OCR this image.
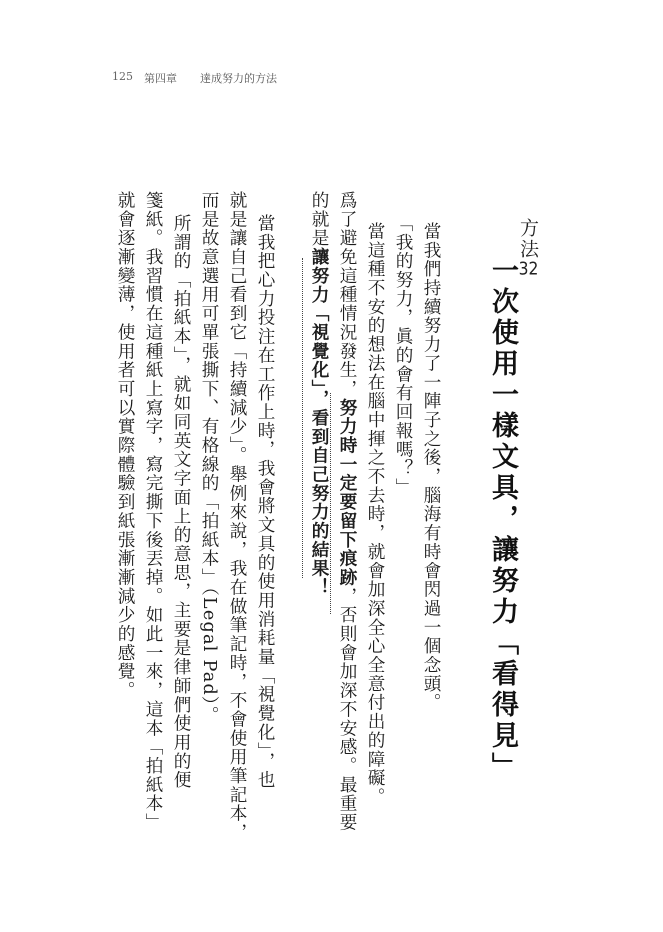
125 第四章 達成努力的方法
方法32
一次使用一樣文具，讓努力「看得見」
當我們持續努力了一陣子之後，腦海有時會閃過一個念頭。
「我的努力，眞的會有回報嗎？」
當這種不安的想法在腦中揮之不去時，就會加深全心全意付出的障礙。
爲了避免這種情況發生，努力時一定要留下痕跡，否則會加深不安感。最重要
的就是讓努力「視覺化」，看到自己努力的結果！
當我把心力投注在工作上時，我會將文具的使用消耗量「視覺化」，也
就是讓自己看到它「持續減少」。舉例來說，我在做筆記時，不會使用筆記本，
而是故意選用可單張撕下、有格線的「拍紙本」（Legal Pad）。
所謂的「拍紙本」，就如同英文字面上的意思，主要是律師們使用的便
箋紙。我習慣在這種紙上寫字，寫完撕下後丟掉。如此一來，這本「拍紙本」
就會逐漸變薄，使用者可以實際體驗到紙張漸漸減少的感覺。
